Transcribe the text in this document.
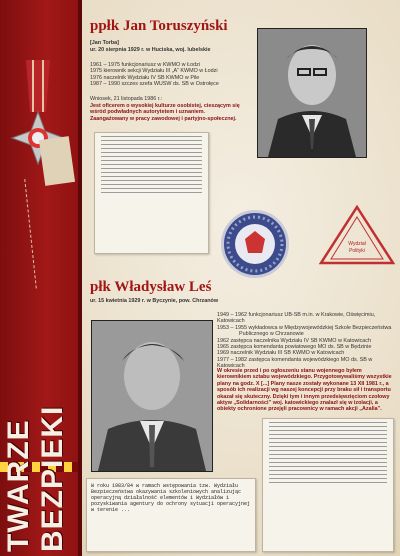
TWARZE BEZPIEKI
ppłk Jan Toruszyński
[Jan Torba]
ur. 20 sierpnia 1929 r. w Huciska, woj. lubelskie
1961 – 1975 funkcjonariusz w KWMO w Łodzi
1975 kierownik sekcji Wydziału III „A” KWMO w Łodzi
1976 naczelnik Wydziału IV SB KWMO w Pile
1987 – 1990 szczes szefa WUSW ds. SB w Ostrołęce
Wniosek, 21 listopada 1986 r.:
Jest oficerem o wysokiej kulturze osobistej, cieszącym się wśród podwładnych autorytetem i uznaniem. Zaangażowany w pracy zawodowej i partyjno-społecznej.
Wydział
Polityki
płk Władysław Leś
ur. 15 kwietnia 1929 r. w Byczynie, pow. Chrzanów
1949 – 1962 funkcjonariusz UB-SB m.in. w Krakowie, Oświęcimiu, Katowicach
1953 – 1955 wykładowca w Międzywojewódzkiej Szkole Bezpieczeństwa
Publicznego w Chrzanowie
1962 zastępca naczelnika Wydziału IV SB KWMO w Katowicach
1965 zastępca komendanta powiatowego MO ds. SB w Będzinie
1969 naczelnik Wydziału III SB KWMO w Katowicach
1977 – 1982 zastępca komendanta wojewódzkiego MO ds. SB w Katowicach
W okresie przed i po ogłoszeniu stanu wojennego byłem kierownikiem sztabu wojewódzkiego. Przygotowywaliśmy wszystkie plany na godz. X [...] Plany nasze zostały wykonane 13 XII 1981 r., a sposób ich realizacji wg naszej koncepcji przy braku sił i transportu okazał się skuteczny. Dzięki tym i innym przedsięwzięciom czołowy aktyw „Solidarności” woj. katowickiego znalazł się w izolacji, a obiekty ochronione przejęli pracownicy w ramach akcji „Azalia”.
W roku 1983/84 w ramach wstępowania tzw. Wydziału Bezpieczeństwa okazywania szkoleniowych analizując operacyjną działalność elementów i Wydziałów i pozyskiwania agentury do ochrony sytuacji operacyjnej w terenie ...
